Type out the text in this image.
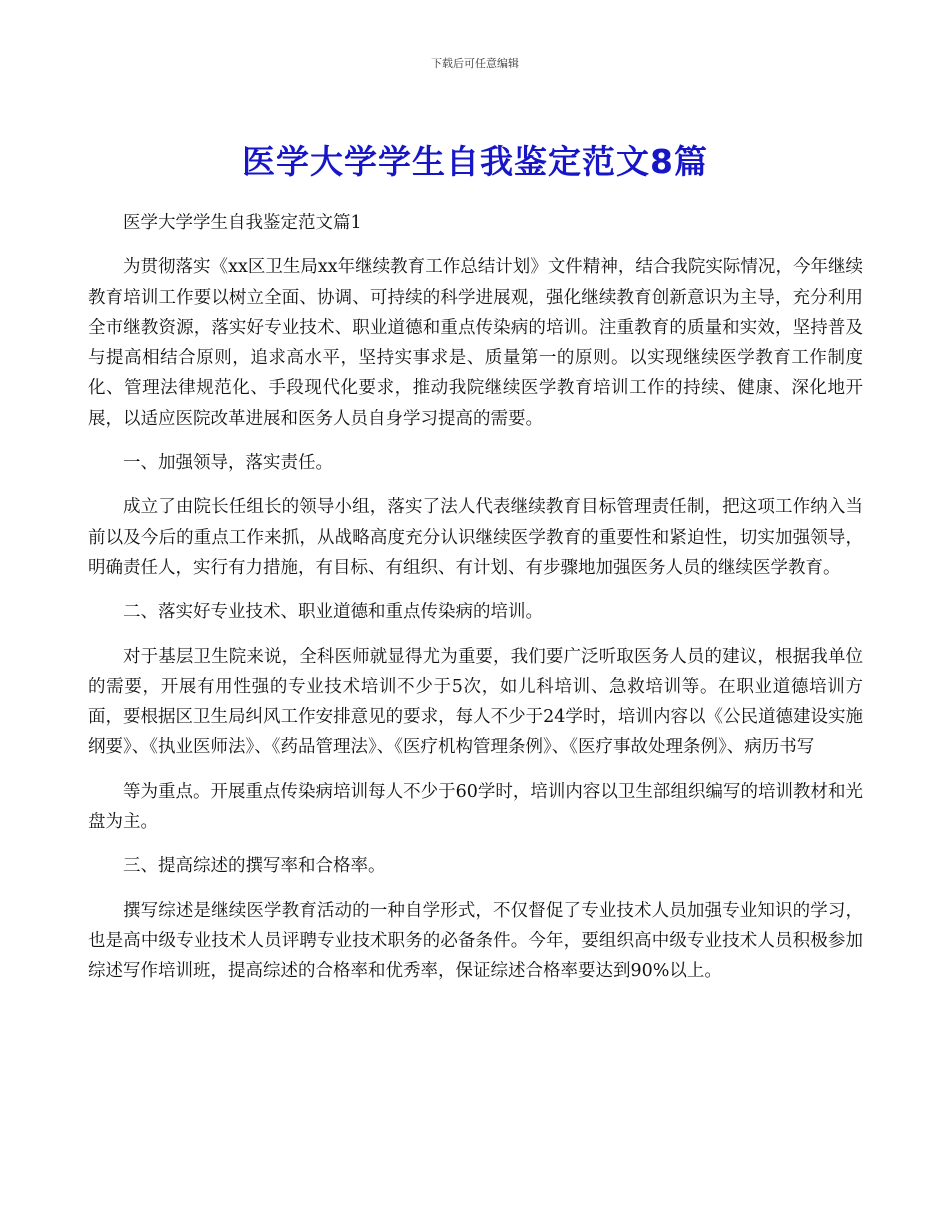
下载后可任意编辑
医学大学学生自我鉴定范文8篇

医学大学学生自我鉴定范文篇1

为贯彻落实《xx区卫生局xx年继续教育工作总结计划》文件精神，结合我院实际情况，今年继续教育培训工作要以树立全面、协调、可持续的科学进展观，强化继续教育创新意识为主导，充分利用全市继教资源，落实好专业技术、职业道德和重点传染病的培训。注重教育的质量和实效，坚持普及与提高相结合原则，追求高水平，坚持实事求是、质量第一的原则。以实现继续医学教育工作制度化、管理法律规范化、手段现代化要求，推动我院继续医学教育培训工作的持续、健康、深化地开展，以适应医院改革进展和医务人员自身学习提高的需要。

一、加强领导，落实责任。

成立了由院长任组长的领导小组，落实了法人代表继续教育目标管理责任制，把这项工作纳入当前以及今后的重点工作来抓，从战略高度充分认识继续医学教育的重要性和紧迫性，切实加强领导，明确责任人，实行有力措施，有目标、有组织、有计划、有步骤地加强医务人员的继续医学教育。

二、落实好专业技术、职业道德和重点传染病的培训。

对于基层卫生院来说，全科医师就显得尤为重要，我们要广泛听取医务人员的建议，根据我单位的需要，开展有用性强的专业技术培训不少于5次，如儿科培训、急救培训等。在职业道德培训方面，要根据区卫生局纠风工作安排意见的要求，每人不少于24学时，培训内容以《公民道德建设实施纲要》、《执业医师法》、《药品管理法》、《医疗机构管理条例》、《医疗事故处理条例》、病历书写

等为重点。开展重点传染病培训每人不少于60学时，培训内容以卫生部组织编写的培训教材和光盘为主。

三、提高综述的撰写率和合格率。

撰写综述是继续医学教育活动的一种自学形式，不仅督促了专业技术人员加强专业知识的学习，也是高中级专业技术人员评聘专业技术职务的必备条件。今年，要组织高中级专业技术人员积极参加综述写作培训班，提高综述的合格率和优秀率，保证综述合格率要达到90%以上。
